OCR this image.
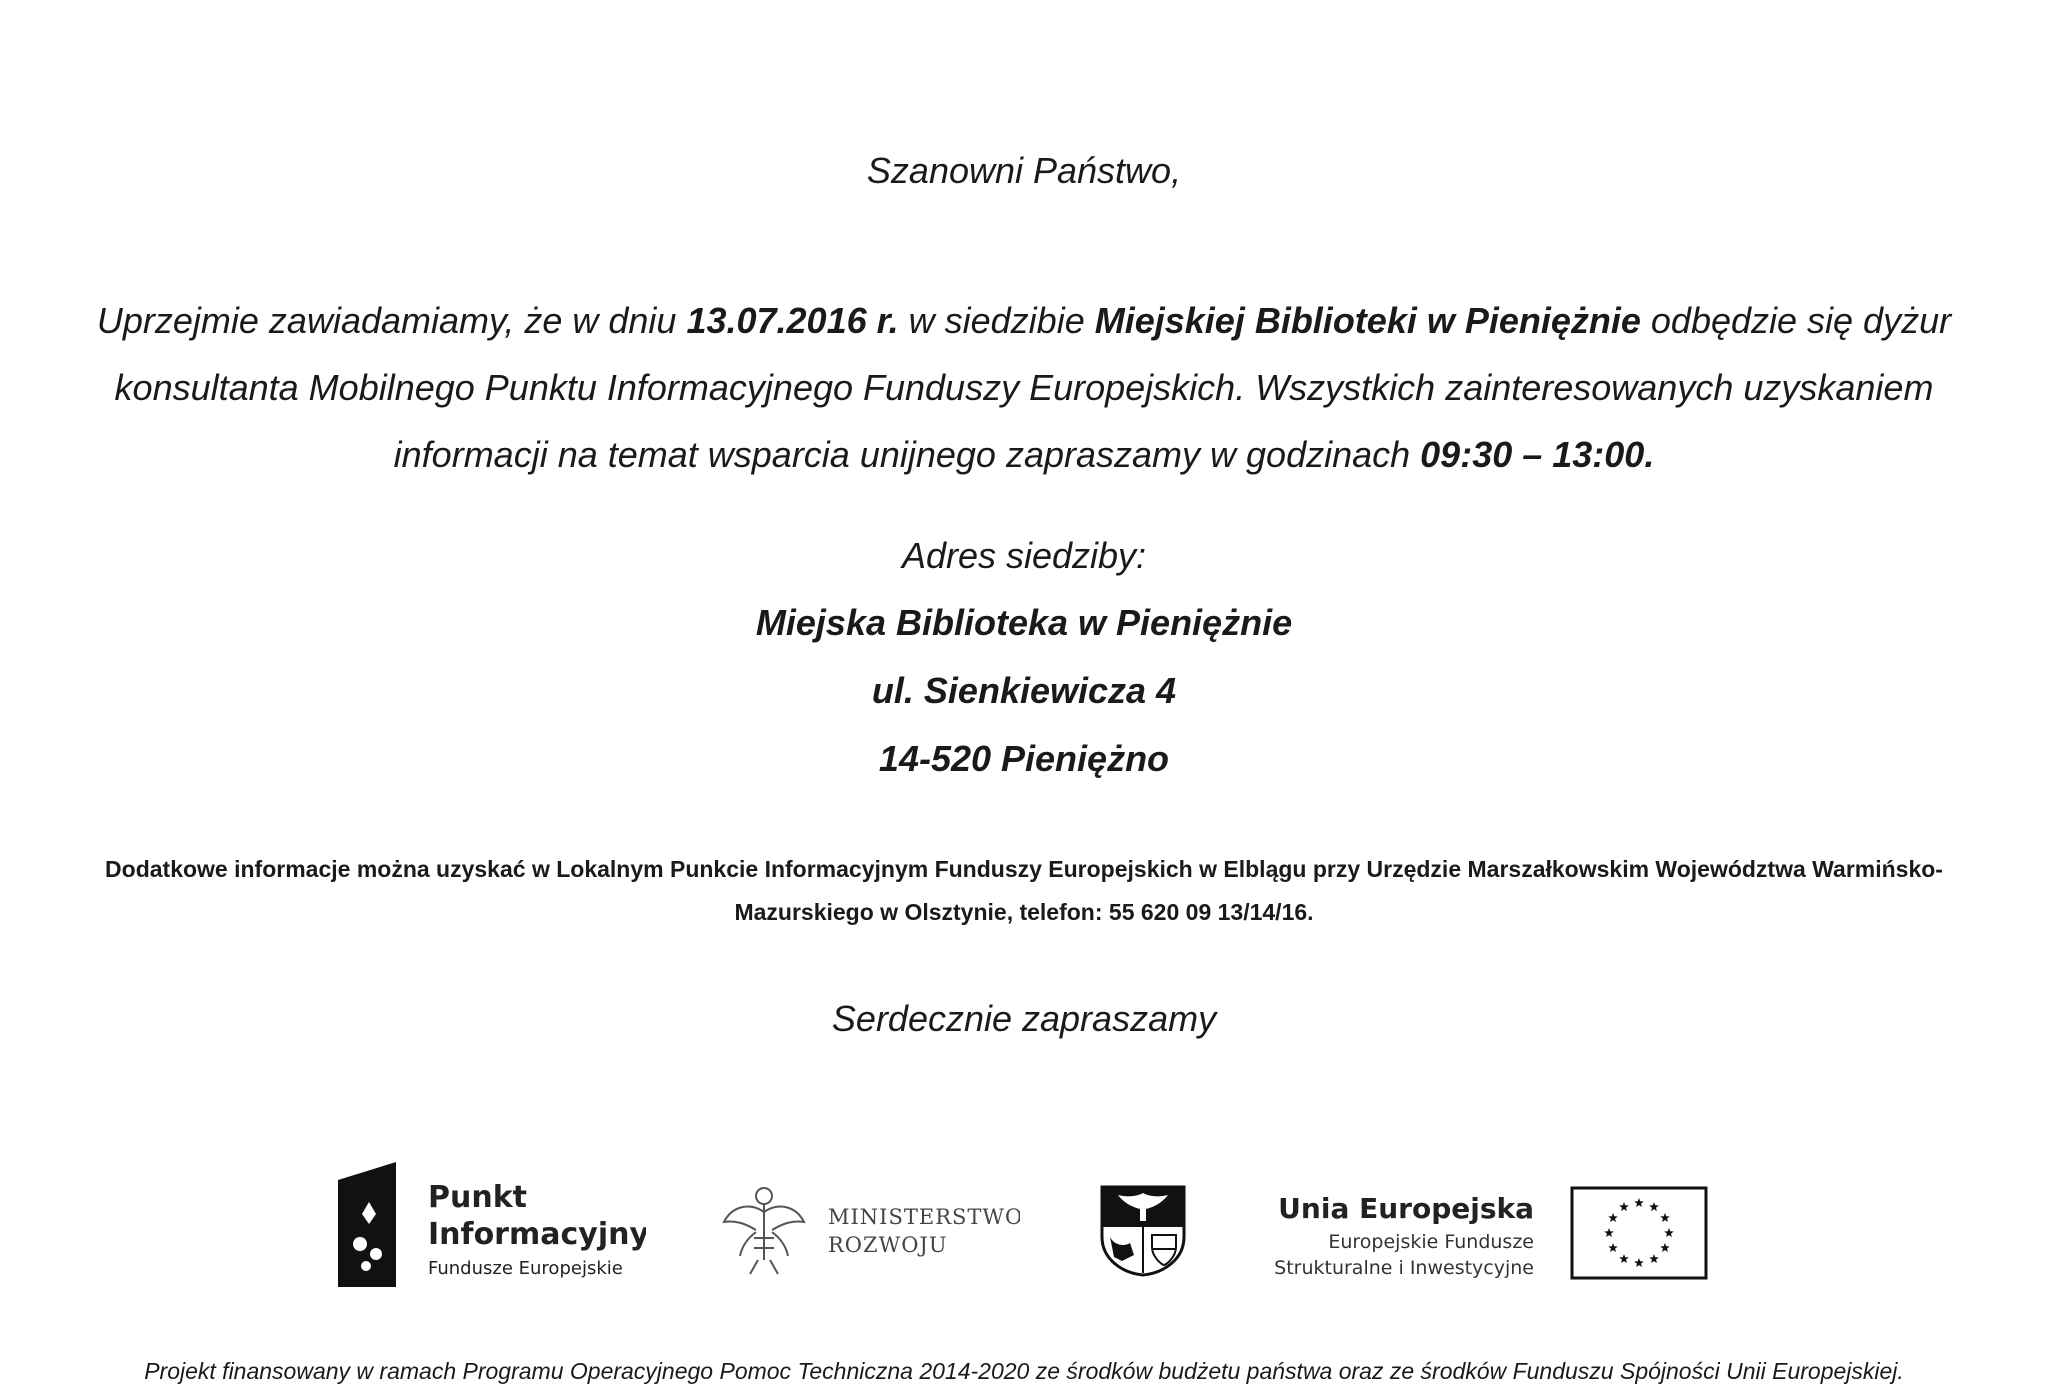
Szanowni Państwo,
Uprzejmie zawiadamiamy, że w dniu 13.07.2016 r. w siedzibie Miejskiej Biblioteki w Pieniężnie odbędzie się dyżur konsultanta Mobilnego Punktu Informacyjnego Funduszy Europejskich. Wszystkich zainteresowanych uzyskaniem informacji na temat wsparcia unijnego zapraszamy w godzinach 09:30 – 13:00.
Adres siedziby:
Miejska Biblioteka w Pieniężnie
ul. Sienkiewicza 4
14-520 Pieniężno
Dodatkowe informacje można uzyskać w Lokalnym Punkcie Informacyjnym Funduszy Europejskich w Elblągu przy Urzędzie Marszałkowskim Województwa Warmińsko-Mazurskiego w Olsztynie, telefon: 55 620 09 13/14/16.
Serdecznie zapraszamy
Punkt
Informacyjny
Fundusze Europejskie
MINISTERSTWO
ROZWOJU
Unia Europejska
Europejskie Fundusze
Strukturalne i Inwestycyjne
Projekt finansowany w ramach Programu Operacyjnego Pomoc Techniczna 2014-2020 ze środków budżetu państwa oraz ze środków Funduszu Spójności Unii Europejskiej.
